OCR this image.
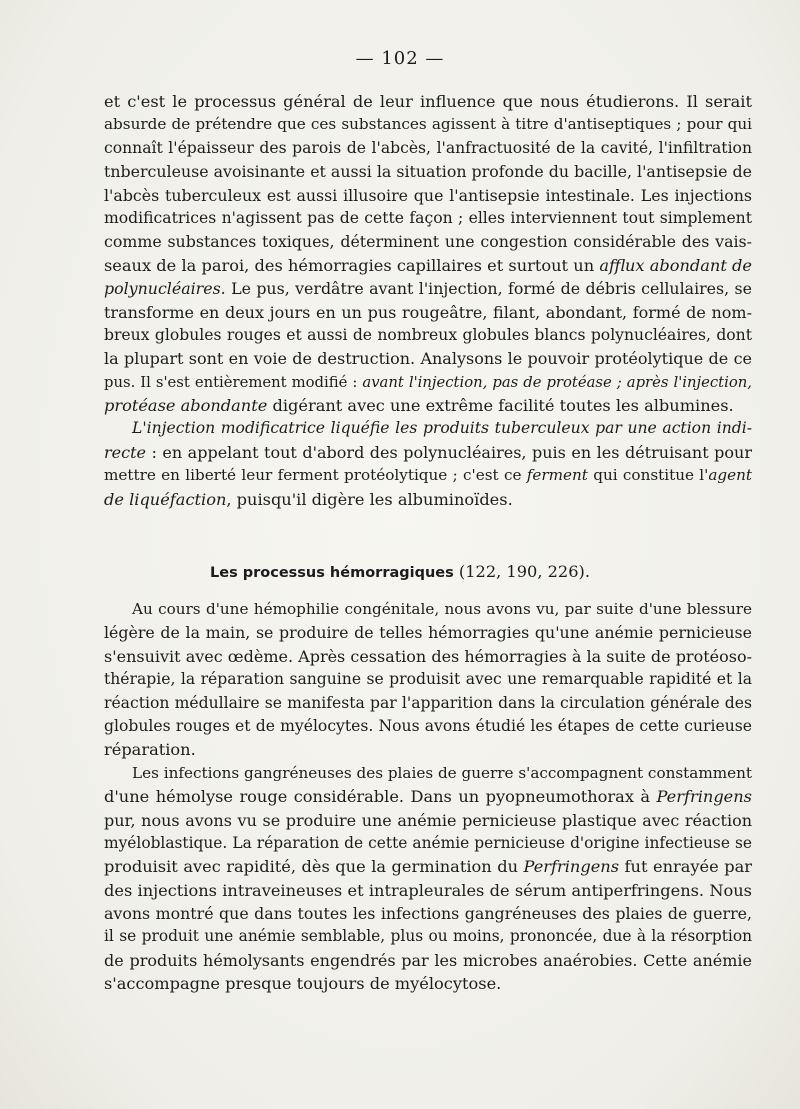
— 102 —
et c'est le processus général de leur influence que nous étudierons. Il serait
absurde de prétendre que ces substances agissent à titre d'antiseptiques ; pour qui
connaît l'épaisseur des parois de l'abcès, l'anfractuosité de la cavité, l'infiltration
tnberculeuse avoisinante et aussi la situation profonde du bacille, l'antisepsie de
l'abcès tuberculeux est aussi illusoire que l'antisepsie intestinale. Les injections
modificatrices n'agissent pas de cette façon ; elles interviennent tout simplement
comme substances toxiques, déterminent une congestion considérable des vais-
seaux de la paroi, des hémorragies capillaires et surtout un afflux abondant de
polynucléaires. Le pus, verdâtre avant l'injection, formé de débris cellulaires, se
transforme en deux jours en un pus rougeâtre, filant, abondant, formé de nom-
breux globules rouges et aussi de nombreux globules blancs polynucléaires, dont
la plupart sont en voie de destruction. Analysons le pouvoir protéolytique de ce
pus. Il s'est entièrement modifié : avant l'injection, pas de protéase ; après l'injection,
protéase abondante digérant avec une extrême facilité toutes les albumines.
L'injection modificatrice liquéfie les produits tuberculeux par une action indi-
recte : en appelant tout d'abord des polynucléaires, puis en les détruisant pour
mettre en liberté leur ferment protéolytique ; c'est ce ferment qui constitue l'agent
de liquéfaction, puisqu'il digère les albuminoïdes.
Les processus hémorragiques (122, 190, 226).
Au cours d'une hémophilie congénitale, nous avons vu, par suite d'une blessure
légère de la main, se produire de telles hémorragies qu'une anémie pernicieuse
s'ensuivit avec œdème. Après cessation des hémorragies à la suite de protéoso-
thérapie, la réparation sanguine se produisit avec une remarquable rapidité et la
réaction médullaire se manifesta par l'apparition dans la circulation générale des
globules rouges et de myélocytes. Nous avons étudié les étapes de cette curieuse
réparation.
Les infections gangréneuses des plaies de guerre s'accompagnent constamment
d'une hémolyse rouge considérable. Dans un pyopneumothorax à Perfringens
pur, nous avons vu se produire une anémie pernicieuse plastique avec réaction
myéloblastique. La réparation de cette anémie pernicieuse d'origine infectieuse se
produisit avec rapidité, dès que la germination du Perfringens fut enrayée par
des injections intraveineuses et intrapleurales de sérum antiperfringens. Nous
avons montré que dans toutes les infections gangréneuses des plaies de guerre,
il se produit une anémie semblable, plus ou moins, prononcée, due à la résorption
de produits hémolysants engendrés par les microbes anaérobies. Cette anémie
s'accompagne presque toujours de myélocytose.
